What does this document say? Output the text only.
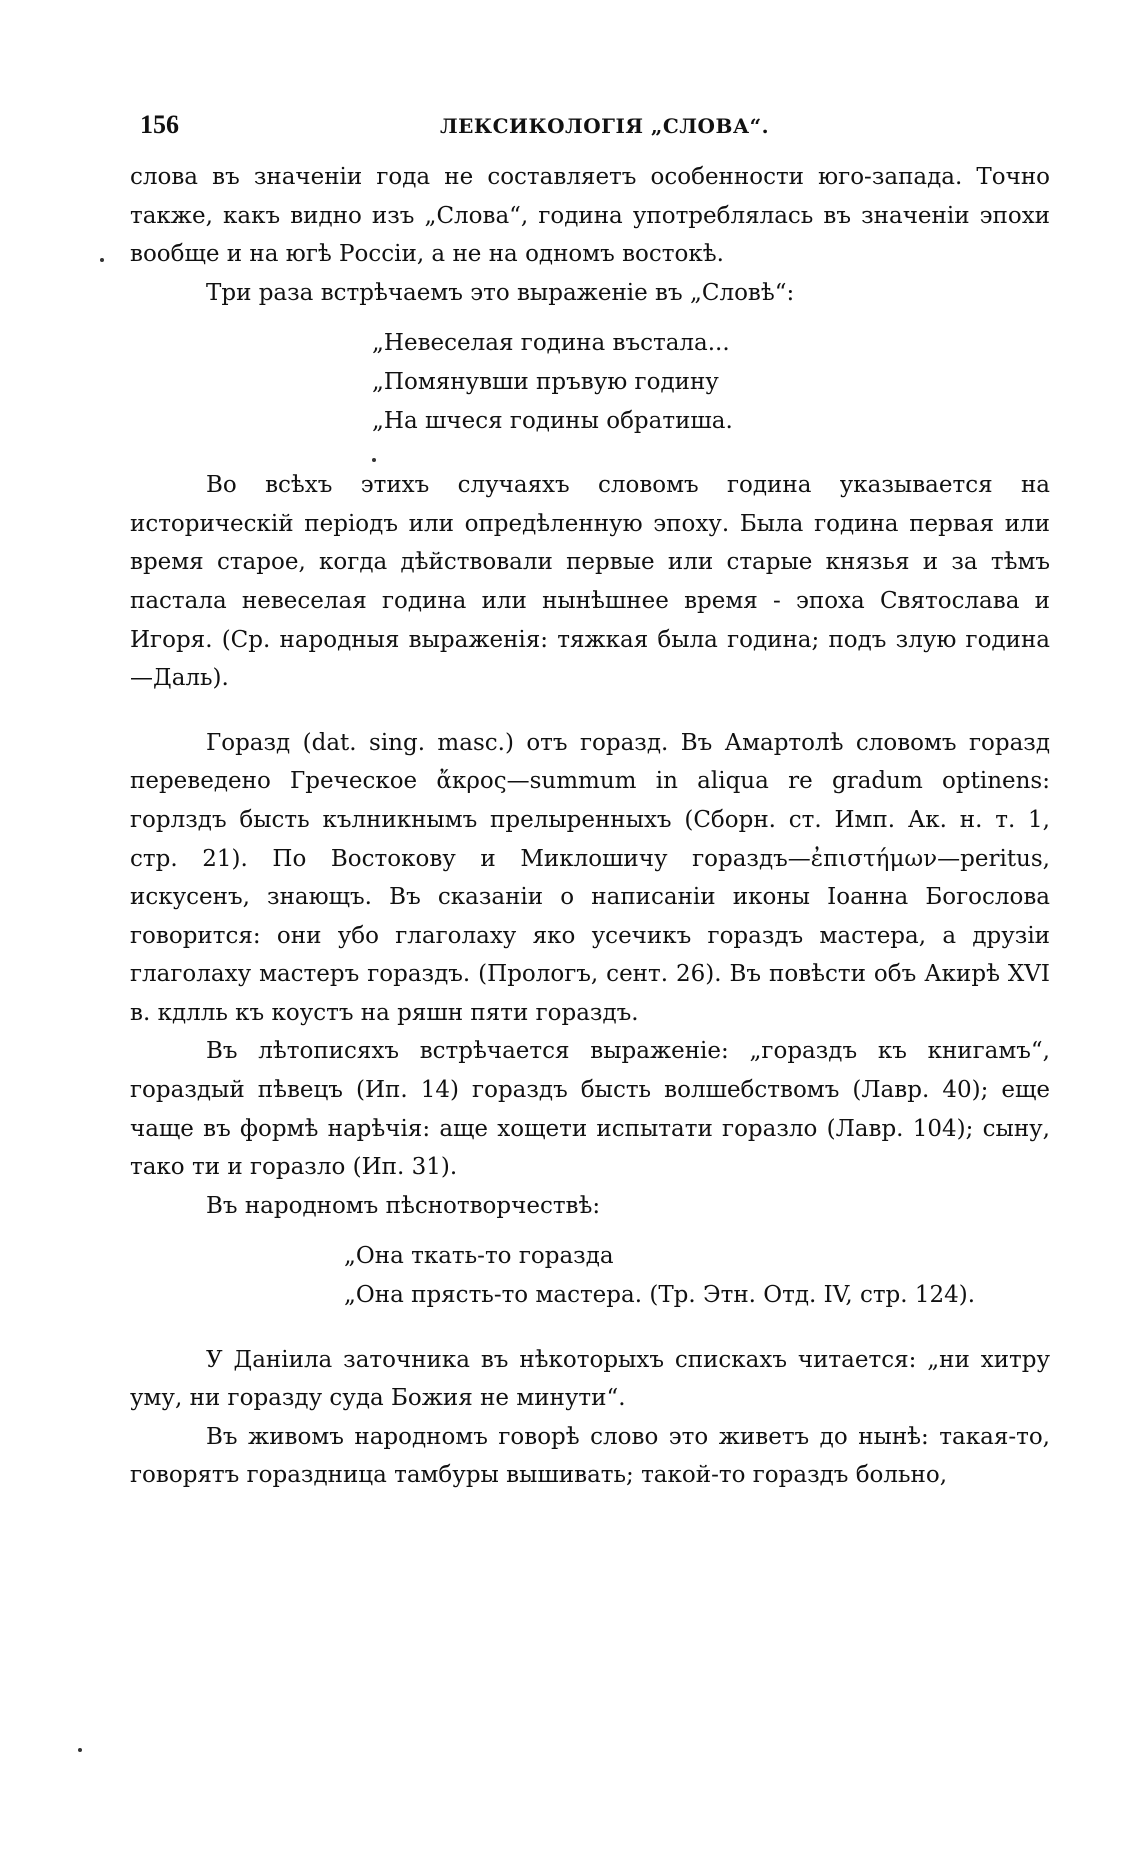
156	ЛЕКСИКОЛОГІЯ „СЛОВА“.

слова въ значеніи года не составляетъ особенности юго-запада. Точно также, какъ видно изъ „Слова“, година употреблялась въ значеніи эпохи вообще и на югѣ Россіи, а не на одномъ востокѣ.

Три раза встрѣчаемъ это выраженіе въ „Словѣ“:

„Невеселая година въстала...
„Помянувши пръвую годину
„На шчеся годины обратиша.

Во всѣхъ этихъ случаяхъ словомъ година указывается на историческій періодъ или опредѣленную эпоху. Была година первая или время старое, когда дѣйствовали первые или старые князья и за тѣмъ пастала невеселая година или нынѣшнее время - эпоха Святослава и Игоря. (Ср. народныя выраженія: тяжкая была година; подъ злую година—Даль).

Горазд (dat. sing. masc.) отъ горазд. Въ Амартолѣ словомъ горазд переведено Греческое ἄκρος—summum in aliqua re gradum optinens: горлздъ бысть кълникнымъ прелыренныхъ (Сборн. ст. Имп. Ак. н. т. 1, стр. 21). По Востокову и Миклошичу гораздъ—ἐπιστήμων—peritus, искусенъ, знающъ. Въ сказаніи о написаніи иконы Іоанна Богослова говорится: они убо глаголаху яко усечикъ гораздъ мастера, а друзіи глаголаху мастеръ гораздъ. (Прологъ, сент. 26). Въ повѣсти объ Акирѣ XVI в. кдлль къ коустъ на ряшн пяти гораздъ.

Въ лѣтописяхъ встрѣчается выраженіе: „гораздъ къ книгамъ“, гораздый пѣвецъ (Ип. 14) гораздъ бысть волшебствомъ (Лавр. 40); еще чаще въ формѣ нарѣчія: аще хощети испытати горазло (Лавр. 104); сыну, тако ти и горазло (Ип. 31).

Въ народномъ пѣснотворчествѣ:

„Она ткать-то горазда
„Она прясть-то мастера. (Тр. Этн. Отд. IV, стр. 124).

У Даніила заточника въ нѣкоторыхъ спискахъ читается: „ни хитру уму, ни горазду суда Божия не минути“.

Въ живомъ народномъ говорѣ слово это живетъ до нынѣ: такая-то, говорятъ гораздница тамбуры вышивать; такой-то гораздъ больно,
